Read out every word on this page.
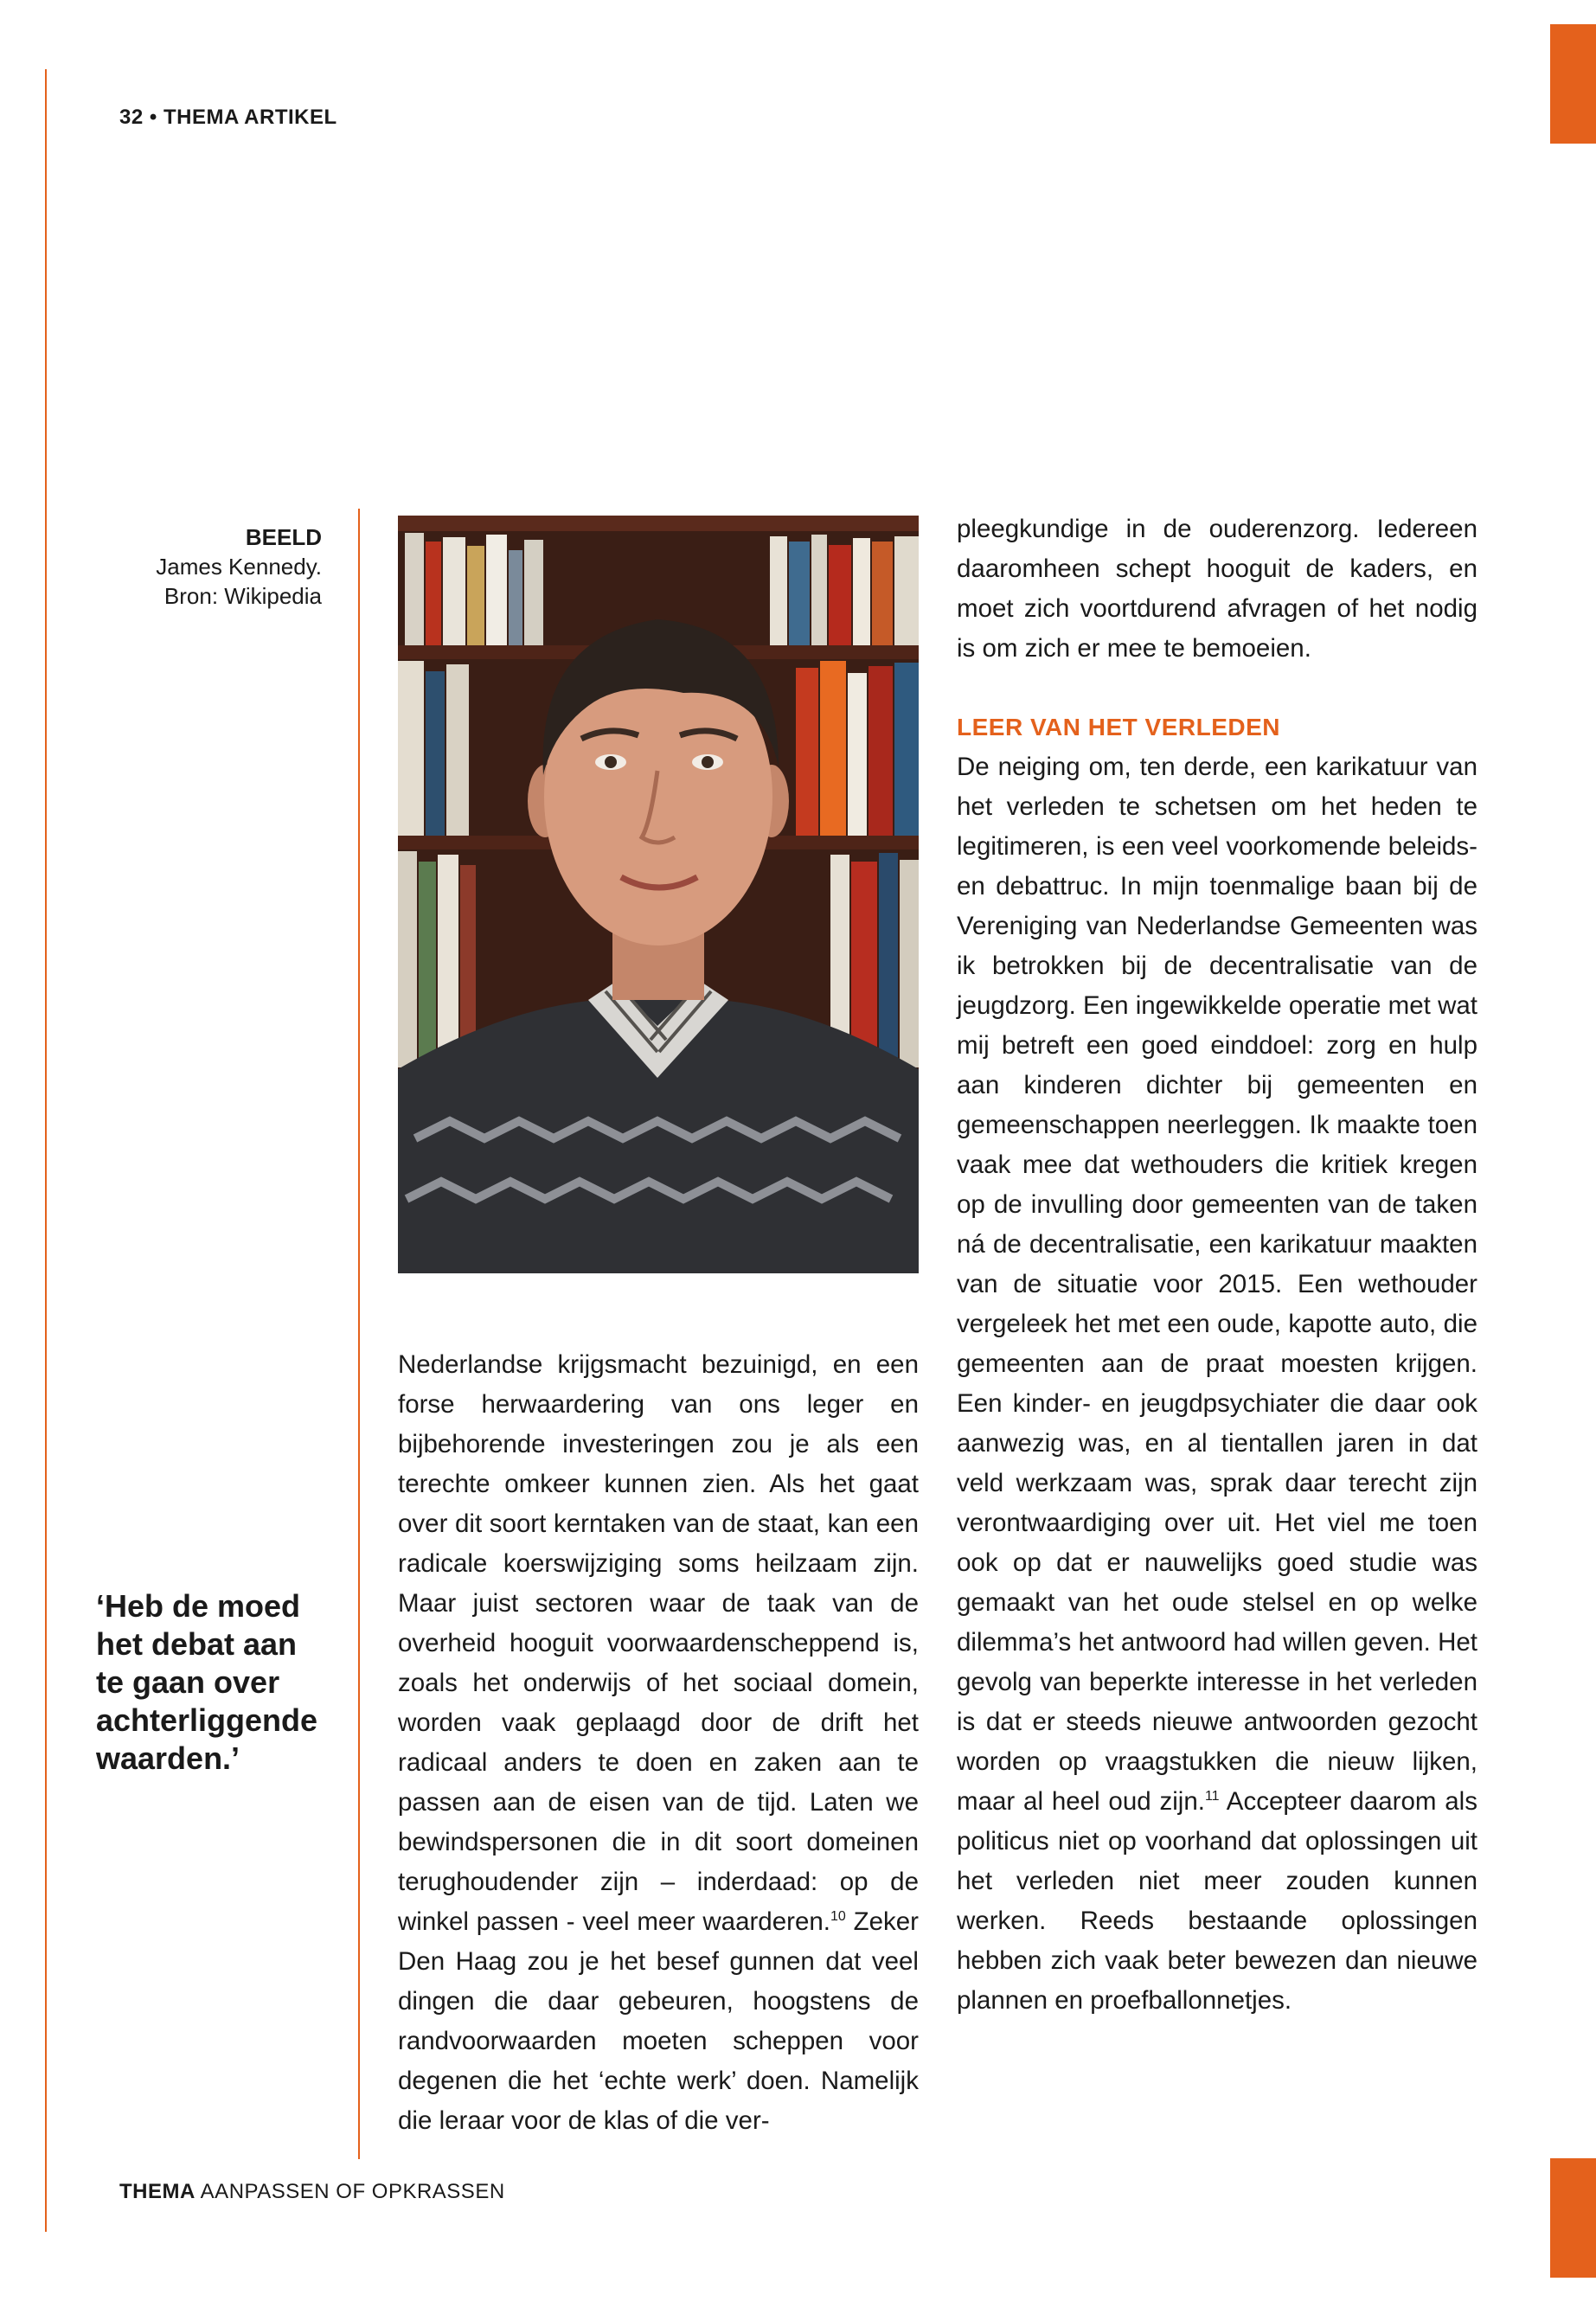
32 • THEMA ARTIKEL
BEELD
James Kennedy.
Bron: Wikipedia
‘Heb de moed
het debat aan
te gaan over
achterliggende
waarden.’

Nederlandse krijgsmacht bezuinigd, en een forse herwaardering van ons leger en bijbehorende investeringen zou je als een terechte omkeer kunnen zien. Als het gaat over dit soort kerntaken van de staat, kan een radicale koerswijziging soms heilzaam zijn. Maar juist sectoren waar de taak van de overheid hooguit voorwaardenscheppend is, zoals het onderwijs of het sociaal domein, worden vaak geplaagd door de drift het radicaal anders te doen en zaken aan te passen aan de eisen van de tijd. Laten we bewindspersonen die in dit soort domeinen terughoudender zijn – inderdaad: op de winkel passen - veel meer waarderen.$^{10}$ Zeker Den Haag zou je het besef gunnen dat veel dingen die daar gebeuren, hoogstens de randvoorwaarden moeten scheppen voor degenen die het ‘echte werk’ doen. Namelijk die leraar voor de klas of die ver-

pleegkundige in de ouderenzorg. Iedereen daaromheen schept hooguit de kaders, en moet zich voortdurend afvragen of het nodig is om zich er mee te bemoeien.

LEER VAN HET VERLEDEN

De neiging om, ten derde, een karikatuur van het verleden te schetsen om het heden te legitimeren, is een veel voorkomende beleids- en debattruc. In mijn toenmalige baan bij de Vereniging van Nederlandse Gemeenten was ik betrokken bij de decentralisatie van de jeugdzorg. Een ingewikkelde operatie met wat mij betreft een goed einddoel: zorg en hulp aan kinderen dichter bij gemeenten en gemeenschappen neerleggen. Ik maakte toen vaak mee dat wethouders die kritiek kregen op de invulling door gemeenten van de taken ná de decentralisatie, een karikatuur maakten van de situatie voor 2015. Een wethouder vergeleek het met een oude, kapotte auto, die gemeenten aan de praat moesten krijgen. Een kinder- en jeugdpsychiater die daar ook aanwezig was, en al tientallen jaren in dat veld werkzaam was, sprak daar terecht zijn verontwaardiging over uit. Het viel me toen ook op dat er nauwelijks goed studie was gemaakt van het oude stelsel en op welke dilemma’s het antwoord had willen geven. Het gevolg van beperkte interesse in het verleden is dat er steeds nieuwe antwoorden gezocht worden op vraagstukken die nieuw lijken, maar al heel oud zijn.$^{11}$ Accepteer daarom als politicus niet op voorhand dat oplossingen uit het verleden niet meer zouden kunnen werken. Reeds bestaande oplossingen hebben zich vaak beter bewezen dan nieuwe plannen en proefballonnetjes.

THEMA AANPASSEN OF OPKRASSEN
